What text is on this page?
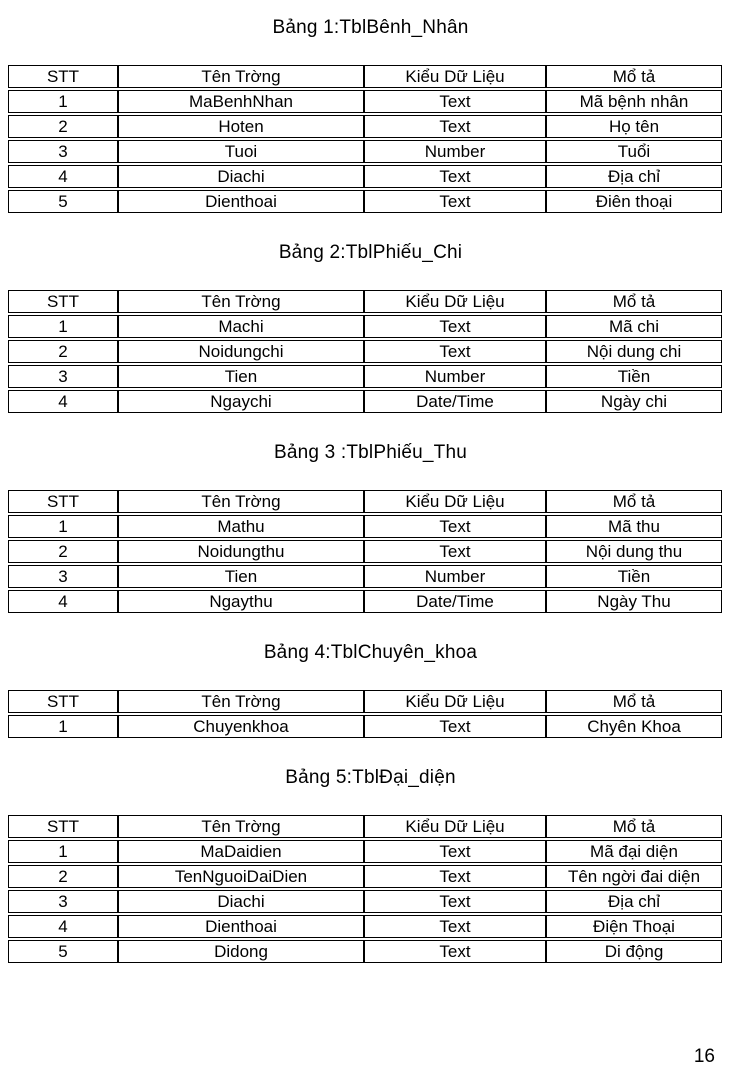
Bảng 1:TblBênh_Nhân
STT	Tên Trờng	Kiểu Dữ Liệu	Mổ tả
1	MaBenhNhan	Text	Mã bệnh nhân
2	Hoten	Text	Họ tên
3	Tuoi	Number	Tuổi
4	Diachi	Text	Địa chỉ
5	Dienthoai	Text	Điên thoại
Bảng 2:TblPhiếu_Chi
STT	Tên Trờng	Kiểu Dữ Liệu	Mổ tả
1	Machi	Text	Mã chi
2	Noidungchi	Text	Nội dung chi
3	Tien	Number	Tiền
4	Ngaychi	Date/Time	Ngày chi
Bảng 3 :TblPhiếu_Thu
STT	Tên Trờng	Kiểu Dữ Liệu	Mổ tả
1	Mathu	Text	Mã thu
2	Noidungthu	Text	Nội dung thu
3	Tien	Number	Tiền
4	Ngaythu	Date/Time	Ngày Thu
Bảng 4:TblChuyên_khoa
STT	Tên Trờng	Kiểu Dữ Liệu	Mổ tả
1	Chuyenkhoa	Text	Chyên Khoa
Bảng 5:TblĐại_diện
STT	Tên Trờng	Kiểu Dữ Liệu	Mổ tả
1	MaDaidien	Text	Mã đại diện
2	TenNguoiDaiDien	Text	Tên ngời đai diện
3	Diachi	Text	Địa chỉ
4	Dienthoai	Text	Điện Thoại
5	Didong	Text	Di động
16
